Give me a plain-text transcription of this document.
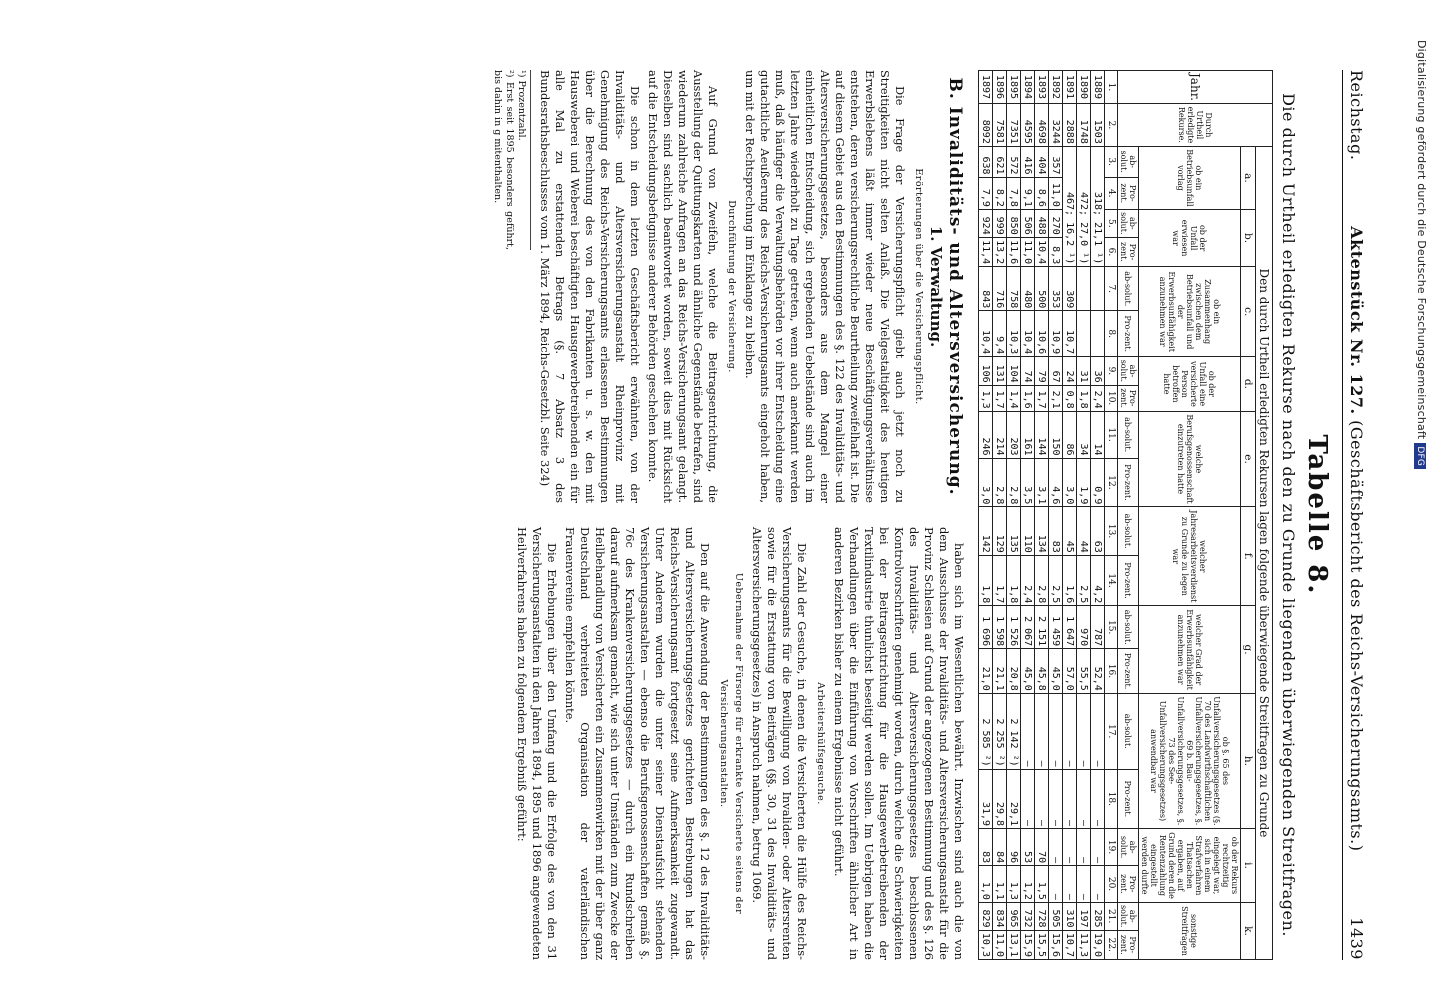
Digitalisierung gefördert durch die Deutsche ForschungsgemeinschaftDFG
Reichstag.
Aktenstück Nr. 127. (Geschäftsbericht des Reichs-Versicherungsamts.)
1439
Tabelle 8.
Die durch Urtheil erledigten Rekurse nach den zu Grunde liegenden überwiegenden Streitfragen.
Jahr.	Durch Urtheil erledigte Rekurse.	Den durch Urtheil erledigten Rekursen lagen folgende überwiegende Streitfragen zu Grunde																			
		a.		b.		c.		d.		e.		f.		g.		h.		i.		k.	
		ob ein Betriebsunfall vorlag		ob der Unfall erwiesen war		ob ein Zusammenhang zwischen dem Betriebsunfall und der Erwerbsunfähigkeit anzunehmen war		ob der Unfall eine versicherte Person betroffen hatte		welche Berufsgenossenschaft einzutreten hatte		welcher Jahresarbeitsverdienst zu Grunde zu legen war		welcher Grad der Erwerbsunfähigkeit anzunehmen war		ob §. 65 des Unfallversicherungsgesetzes (§. 70 des Landwirthschaftlichen Unfallversicherungsgesetzes, §. 69 b. Bau-Unfallversicherungsgesetzes, §. 73 des See-Unfallversicherungsgesetzes) anwendbar war		ob der Rekurs rechtzeitig eingelegt war, sich in einem Strafverfahren Thatsachen ergaben, auf Grund deren die Rentenzahlung eingestellt werden durfte		sonstige Streitfragen	
		ab-solut.	Pro-zent.	ab-solut.	Pro-zent.	ab-solut.	Pro-zent.	ab-solut.	Pro-zent.	ab-solut.	Pro-zent.	ab-solut.	Pro-zent.	ab-solut.	Pro-zent.	ab-solut.	Pro-zent.	ab-solut.	Pro-zent.	ab-solut.	Pro-zent.
1.	2.	3.	4.	5.	6.	7.	8.	9.	10.	11.	12.	13.	14.	15.	16.	17.	18.	19.	20.	21.	22.
1889	1503	318; 21,1 ¹)						36	2,4	14	0,9	63	4,2	787	52,4	—	—	—	—	285	19,0
1890	1748	472; 27,0 ¹)						31	1,8	34	1,9	44	2,5	970	55,5	—	—	—	—	197	11,3
1891	2888	467; 16,2 ¹)				309	10,7	24	0,8	86	3,0	45	1,6	1 647	57,0	—	—	—	—	310	10,7
1892	3244	357	11,0	270	8,3	353	10,9	67	2,1	150	4,6	83	2,5	1 459	45,0	—	—	—	—	505	15,6
1893	4698	404	8,6	488	10,4	500	10,6	79	1,7	144	3,1	134	2,8	2 151	45,8	—	—	70	1,5	728	15,5
1894	4595	416	9,1	506	11,0	480	10,4	74	1,6	161	3,5	110	2,4	2 067	45,0	—	—	53	1,2	732	15,9
1895	7351	572	7,8	850	11,6	758	10,3	104	1,4	203	2,8	135	1,8	1 526	20,8	2 142 ²)	29,1	96	1,3	965	13,1
1896	7581	621	8,2	999	13,2	716	9,4	131	1,7	214	2,8	129	1,7	1 598	21,1	2 255 ²)	29,8	84	1,1	834	11,0
1897	8092	638	7,9	924	11,4	843	10,4	106	1,3	246	3,0	142	1,8	1 696	21,0	2 585 ²)	31,9	83	1,0	829	10,3
B. Invaliditäts- und Altersversicherung.
1. Verwaltung.
Erörterungen über die Versicherungspflicht.

Die Frage der Versicherungspflicht giebt auch jetzt noch zu Streitigkeiten nicht selten Anlaß. Die Vielgestaltigkeit des heutigen Erwerbslebens läßt immer wieder neue Beschäftigungsverhältnisse entstehen, deren versicherungsrechtliche Beurtheilung zweifelhaft ist. Die auf diesem Gebiet aus den Bestimmungen des §. 122 des Invaliditäts- und Altersversicherungsgesetzes, besonders aus dem Mangel einer einheitlichen Entscheidung, sich ergebenden Uebelstände sind auch im letzten Jahre wiederholt zu Tage getreten, wenn auch anerkannt werden muß, daß häufiger die Verwaltungsbehörden vor ihrer Entscheidung eine gutachtliche Aeußerung des Reichs-Versicherungsamts eingeholt haben, um mit der Rechtsprechung im Einklange zu bleiben.

Durchführung der Versicherung.

Auf Grund von Zweifeln, welche die Beitragsentrichtung, die Ausstellung der Quittungskarten und ähnliche Gegenstände betrafen, sind wiederum zahlreiche Anfragen an das Reichs-Versicherungsamt gelangt. Dieselben sind sachlich beantwortet worden, soweit dies mit Rücksicht auf die Entscheidungsbefugnisse anderer Behörden geschehen konnte.

Die schon in dem letzten Geschäftsbericht erwähnten, von der Invaliditäts- und Altersversicherungsanstalt Rheinprovinz mit Genehmigung des Reichs-Versicherungsamts erlassenen Bestimmungen über die Berechnung des von den Fabrikanten u. s. w. den mit Hausweberei und Weberei beschäftigten Hausgewerbetreibenden ein für alle Mal zu erstattenden Betrags (§. 7 Absatz 3 des Bundesrathsbeschlusses vom 1. März 1894, Reichs-Gesetzbl. Seite 324)

¹) Prozentzahl.
²) Erst seit 1895 besonders geführt, bis dahin in g mitenthalten.

haben sich im Wesentlichen bewährt. Inzwischen sind auch die von dem Ausschusse der Invaliditäts- und Altersversicherungsanstalt für die Provinz Schlesien auf Grund der angezogenen Bestimmung und des §. 126 des Invaliditäts- und Altersversicherungsgesetzes beschlossenen Kontrolvorschriften genehmigt worden, durch welche die Schwierigkeiten bei der Beitragsentrichtung für die Hausgewerbetreibenden der Textilindustrie thunlichst beseitigt werden sollen. Im Uebrigen haben die Verhandlungen über die Einführung von Vorschriften ähnlicher Art in anderen Bezirken bisher zu einem Ergebnisse nicht geführt.

Arbeitershülfsgesuche.

Die Zahl der Gesuche, in denen die Versicherten die Hülfe des Reichs-Versicherungsamts für die Bewilligung von Invaliden- oder Altersrenten sowie für die Erstattung von Beiträgen (§§. 30, 31 des Invaliditäts- und Altersversicherungsgesetzes) in Anspruch nahmen, betrug 1069.

Uebernahme der Fürsorge für erkrankte Versicherte seitens der Versicherungsanstalten.

Den auf die Anwendung der Bestimmungen des §. 12 des Invaliditäts- und Altersversicherungsgesetzes gerichteten Bestrebungen hat das Reichs-Versicherungsamt fortgesetzt seine Aufmerksamkeit zugewandt. Unter Anderem wurden die unter seiner Dienstaufsicht stehenden Versicherungsanstalten — ebenso die Berufsgenossenschaften gemäß §. 76c des Krankenversicherungsgesetzes — durch ein Rundschreiben darauf aufmerksam gemacht, wie sich unter Umständen zum Zwecke der Heilbehandlung von Versicherten ein Zusammenwirken mit der über ganz Deutschland verbreiteten Organisation der vaterländischen Frauenvereine empfehlen könnte.

Die Erhebungen über den Umfang und die Erfolge des von den 31 Versicherungsanstalten in den Jahren 1894, 1895 und 1896 angewendeten Heilverfahrens haben zu folgendem Ergebniß geführt:
